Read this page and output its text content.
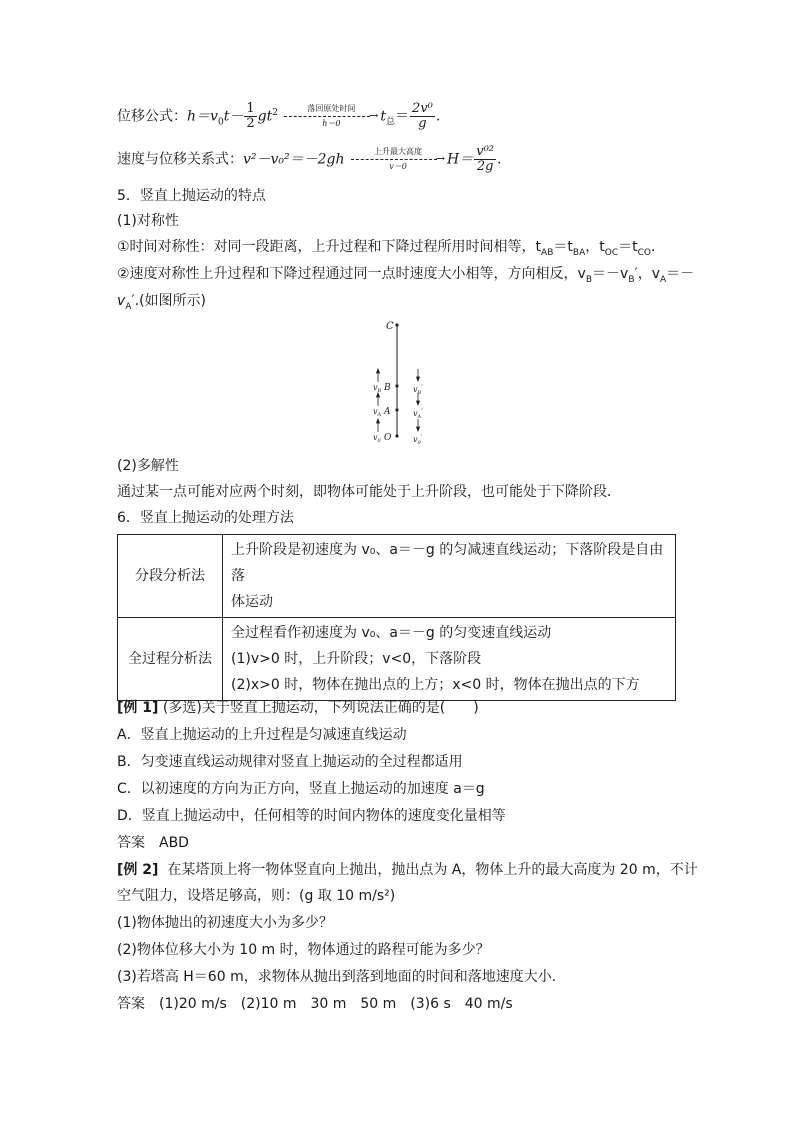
位移公式：$h=v_0t- \frac{1}{2} gt^2$	落回原处时间
→
h＝0	$t_总= \frac{\text{2v⁰}}{g}$ .
速度与位移关系式：v²－v₀²＝－2gh
上升最大高度
→
v＝0	$H= \frac{\text{v⁰²}}{2g}$ .
5．竖直上抛运动的特点
(1)对称性
①时间对称性：对同一段距离，上升过程和下降过程所用时间相等，$t_{AB}=t_{BA}$，$t_{OC}=t_{CO}$.
②速度对称性上升过程和下降过程通过同一点时速度大小相等，方向相反，$v_B=-v_B'$，$v_A=-$
$v_A'$.(如图所示)
C
$v_B$ B
$v_A$ A
$v_0$ O
$v_B'$
$v_A'$
$v_0'$
(2)多解性
通过某一点可能对应两个时刻，即物体可能处于上升阶段，也可能处于下降阶段．
6．竖直上抛运动的处理方法
分段分析法	上升阶段是初速度为 v₀、a＝－g 的匀减速直线运动；下落阶段是自由落
体运动

全过程分析法	全过程看作初速度为 v₀、a＝－g 的匀变速直线运动
(1)v>0 时，上升阶段；v<0，下落阶段
(2)x>0 时，物体在抛出点的上方；x<0 时，物体在抛出点的下方
[例 1] (多选)关于竖直上抛运动，下列说法正确的是(　　)
A．竖直上抛运动的上升过程是匀减速直线运动
B．匀变速直线运动规律对竖直上抛运动的全过程都适用
C．以初速度的方向为正方向，竖直上抛运动的加速度 a＝g
D．竖直上抛运动中，任何相等的时间内物体的速度变化量相等
答案　ABD
[例 2] 在某塔顶上将一物体竖直向上抛出，抛出点为 A，物体上升的最大高度为 20 m，不计
空气阻力，设塔足够高，则：(g 取 10 m/s²)
(1)物体抛出的初速度大小为多少？
(2)物体位移大小为 10 m 时，物体通过的路程可能为多少？
(3)若塔高 H＝60 m，求物体从抛出到落到地面的时间和落地速度大小．
答案　(1)20 m/s　(2)10 m　30 m　50 m　(3)6 s　40 m/s
